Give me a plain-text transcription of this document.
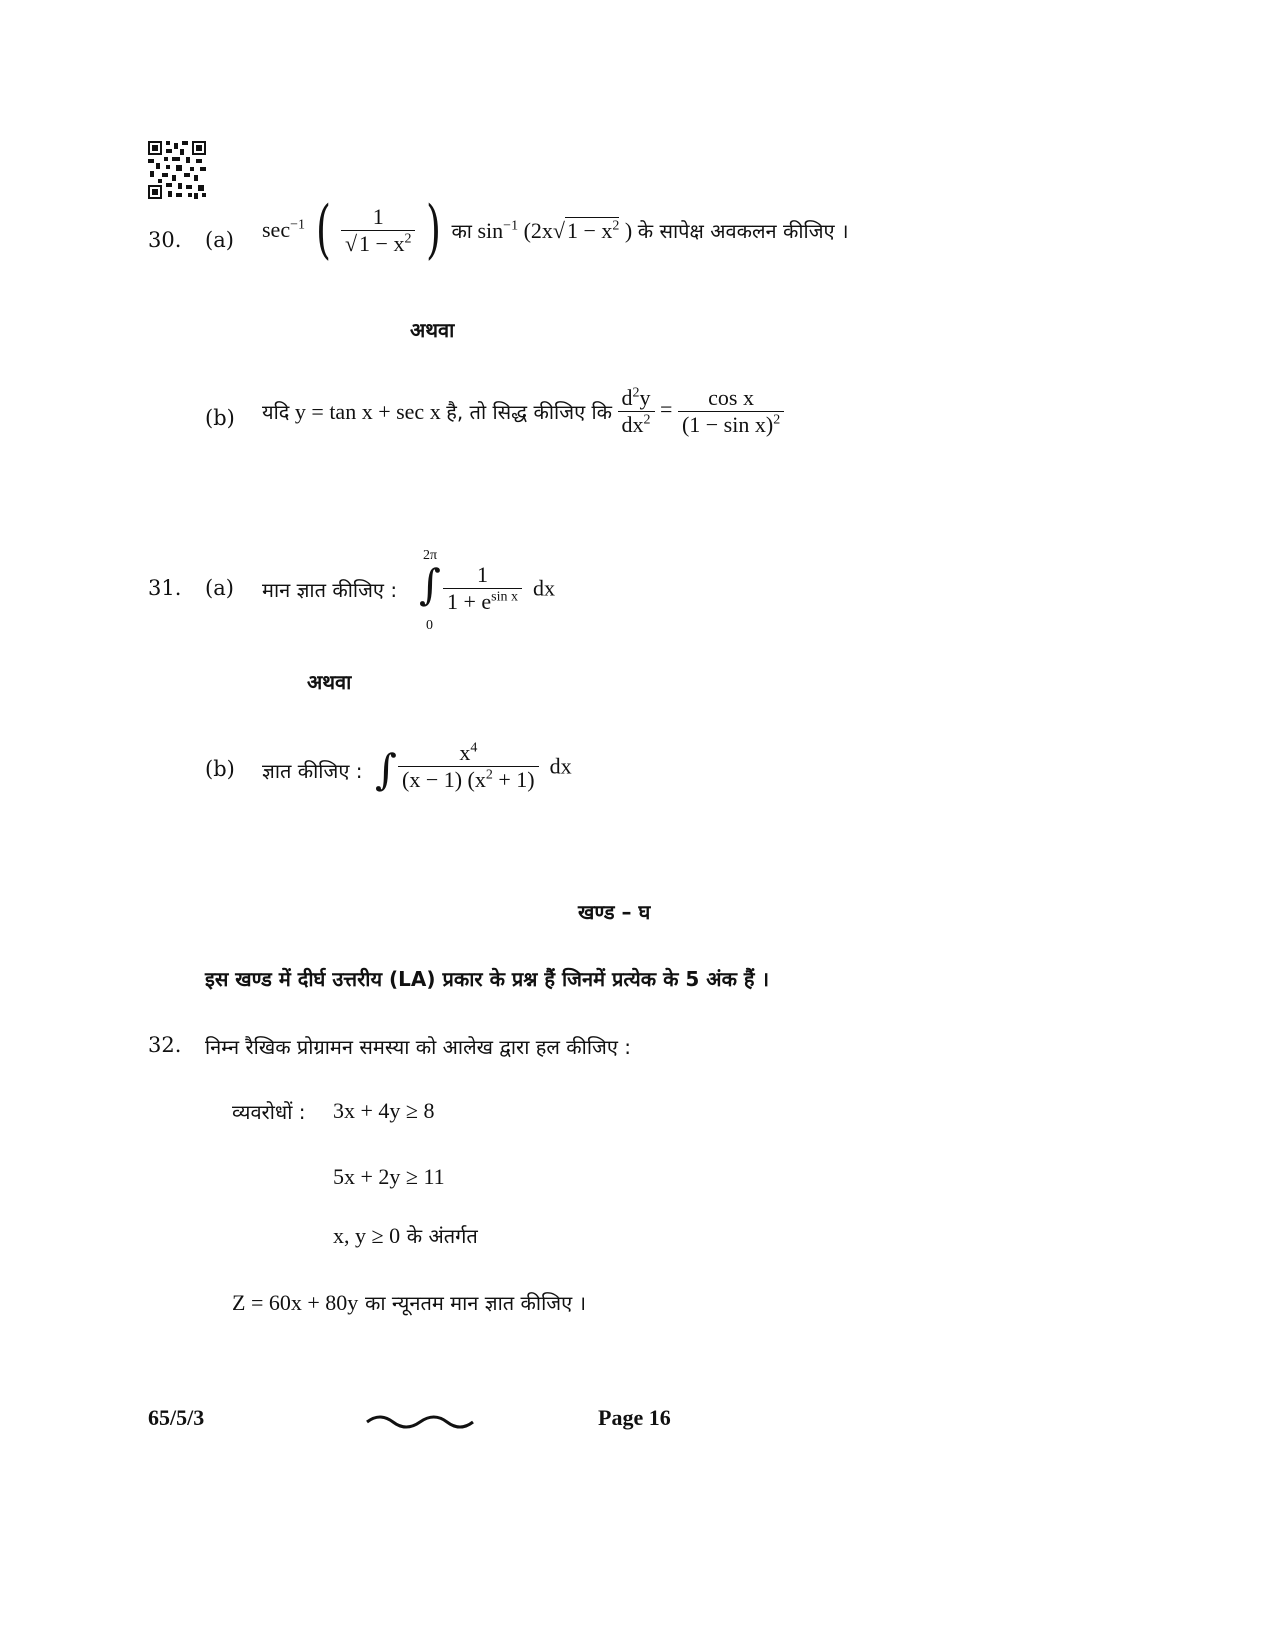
30. (a) $\sec^{-1}$ ( $\frac{1}{√1 - x^2}$ ) का $\sin^{-1} (2x√1 - x^2$ ) के सापेक्ष अवकलन कीजिए ।
अथवा
(b) यदि y = tan x + sec x है, तो सिद्ध कीजिए कि $\frac{d^2y}{dx^2} = \frac{\text{cos x}}{(1 - \sin x)^2}$
31. (a) मान ज्ञात कीजिए :
2π
∫
0
$\frac{1}{1 + e^{sin x}}$ dx
अथवा
(b) ज्ञात कीजिए : ∫ $\frac{x^4}{(x - 1) (x^2 + 1)}$ dx
खण्ड – घ
इस खण्ड में दीर्घ उत्तरीय (LA) प्रकार के प्रश्न हैं जिनमें प्रत्येक के 5 अंक हैं ।
32. निम्न रैखिक प्रोग्रामन समस्या को आलेख द्वारा हल कीजिए :
व्यवरोधों : 3x + 4y ≥ 8
5x + 2y ≥ 11
x, y ≥ 0 के अंतर्गत
Z = 60x + 80y का न्यूनतम मान ज्ञात कीजिए ।
65/5/3	Page 16
